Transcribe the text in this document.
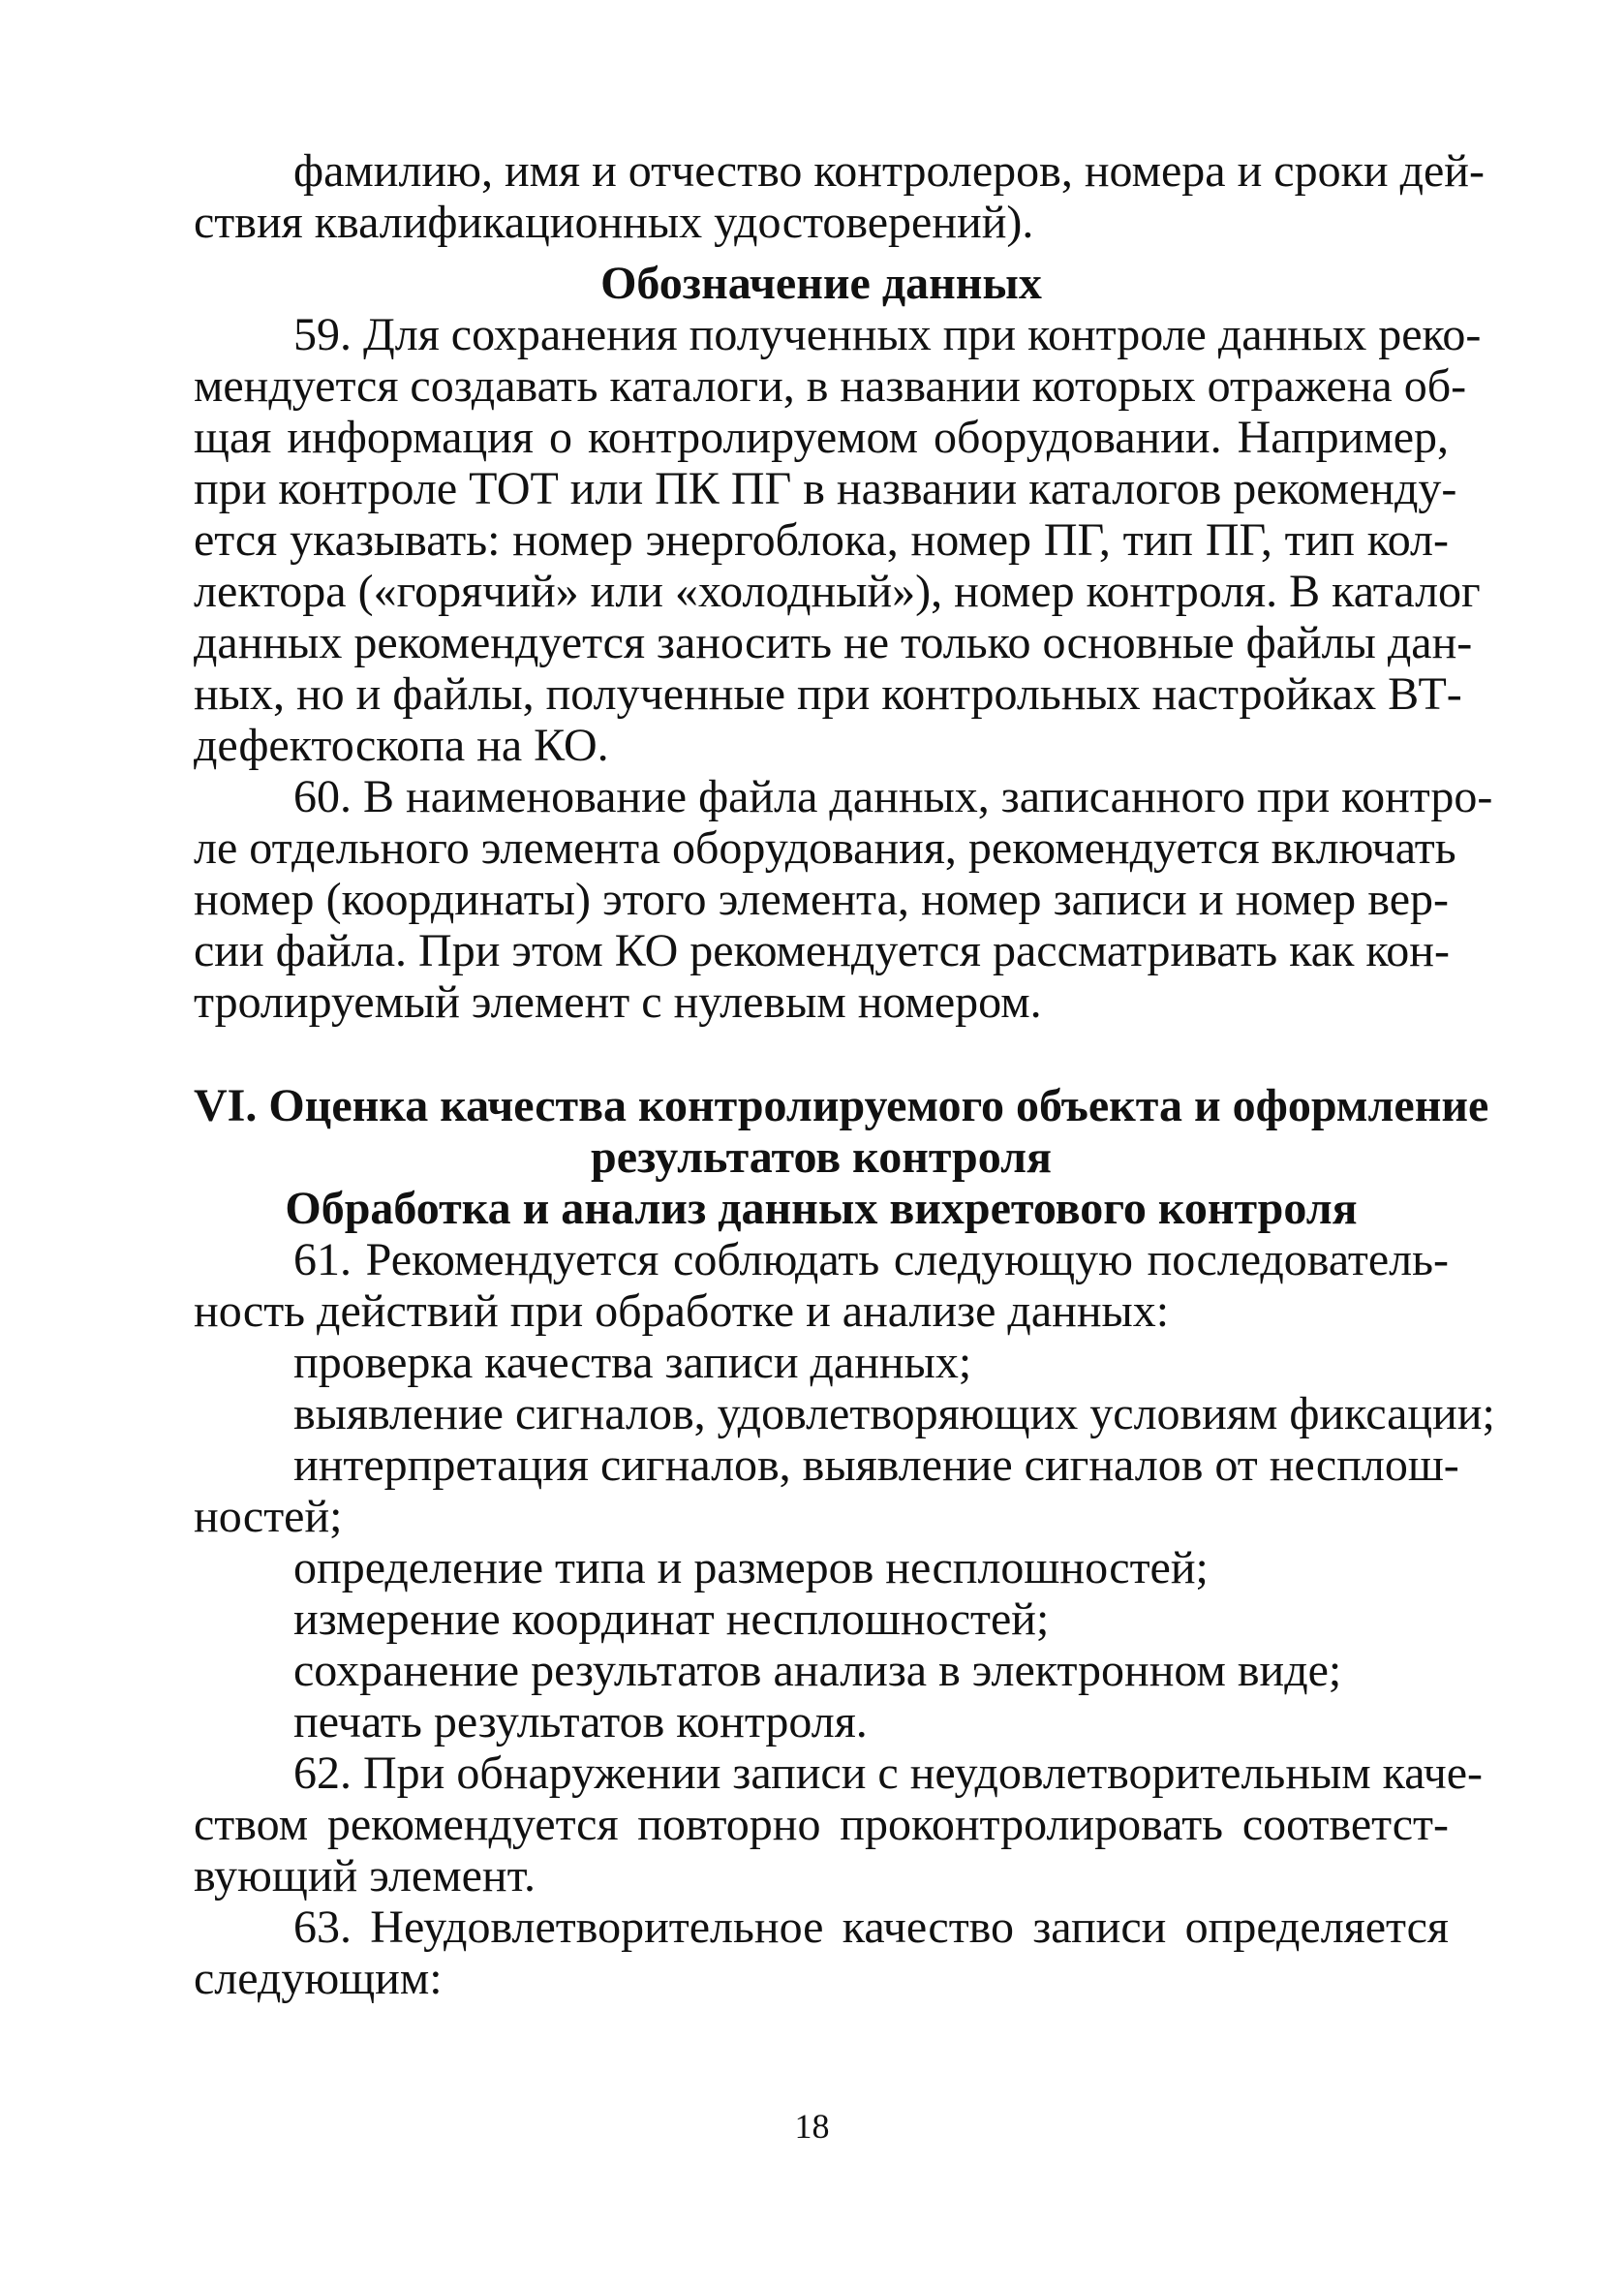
фамилию, имя и отчество контролеров, номера и сроки дей-
ствия квалификационных удостоверений).
Обозначение данных
59. Для сохранения полученных при контроле данных реко-
мендуется создавать каталоги, в названии которых отражена об-
щая информация о контролируемом оборудовании. Например,
при контроле ТОТ или ПК ПГ в названии каталогов рекоменду-
ется указывать: номер энергоблока, номер ПГ, тип ПГ, тип кол-
лектора («горячий» или «холодный»), номер контроля. В каталог
данных рекомендуется заносить не только основные файлы дан-
ных, но и файлы, полученные при контрольных настройках ВТ-
дефектоскопа на КО.
60. В наименование файла данных, записанного при контро-
ле отдельного элемента оборудования, рекомендуется включать
номер (координаты) этого элемента, номер записи и номер вер-
сии файла. При этом КО рекомендуется рассматривать как кон-
тролируемый элемент с нулевым номером.
VI. Оценка качества контролируемого объекта и оформление
результатов контроля
Обработка и анализ данных вихретового контроля
61. Рекомендуется соблюдать следующую последователь-
ность действий при обработке и анализе данных:
проверка качества записи данных;
выявление сигналов, удовлетворяющих условиям фиксации;
интерпретация сигналов, выявление сигналов от несплош-
ностей;
определение типа и размеров несплошностей;
измерение координат несплошностей;
сохранение результатов анализа в электронном виде;
печать результатов контроля.
62. При обнаружении записи с неудовлетворительным каче-
ством рекомендуется повторно проконтролировать соответст-
вующий элемент.
63. Неудовлетворительное качество записи определяется
следующим:
18
